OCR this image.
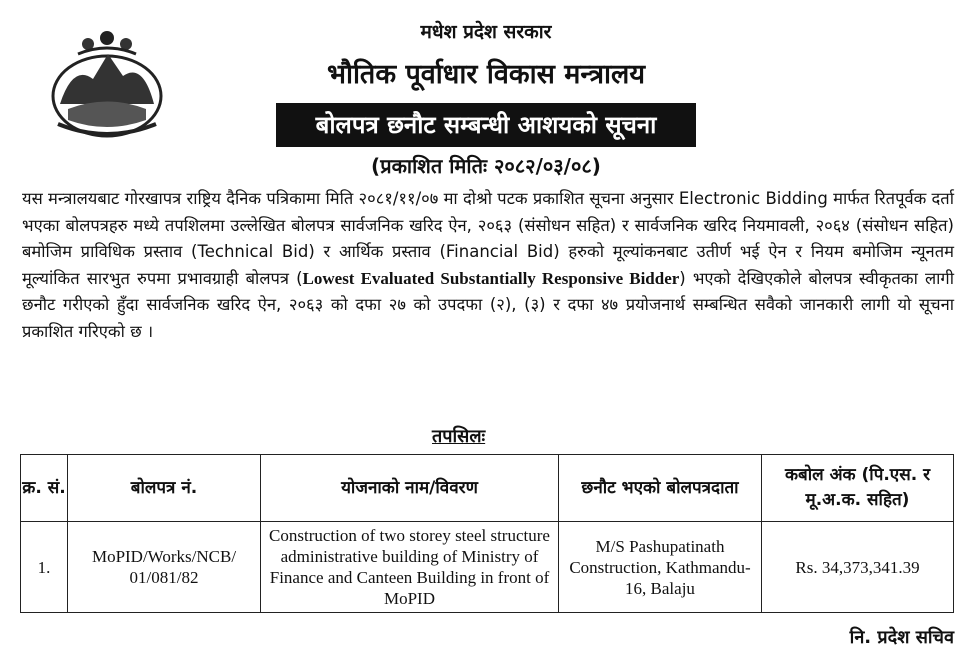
मधेश प्रदेश सरकार
भौतिक पूर्वाधार विकास मन्त्रालय
बोलपत्र छनौट सम्बन्धी आशयको सूचना
(प्रकाशित मितिः २०८२/०३/०८)
यस मन्त्रालयबाट गोरखापत्र राष्ट्रिय दैनिक पत्रिकामा मिति २०८१/११/०७ मा दोश्रो पटक प्रकाशित सूचना अनुसार Electronic Bidding मार्फत रितपूर्वक दर्ता भएका बोलपत्रहरु मध्ये तपशिलमा उल्लेखित बोलपत्र सार्वजनिक खरिद ऐन, २०६३ (संसोधन सहित) र सार्वजनिक खरिद नियमावली, २०६४ (संसोधन सहित) बमोजिम प्राविधिक प्रस्ताव (Technical Bid) र आर्थिक प्रस्ताव (Financial Bid) हरुको मूल्यांकनबाट उतीर्ण भई ऐन र नियम बमोजिम न्यूनतम मूल्यांकित सारभुत रुपमा प्रभावग्राही बोलपत्र (Lowest Evaluated Substantially Responsive Bidder) भएको देखिएकोले बोलपत्र स्वीकृतका लागी छनौट गरीएको हुँदा सार्वजनिक खरिद ऐन, २०६३ को दफा २७ को उपदफा (२), (३) र दफा ४७ प्रयोजनार्थ सम्बन्धित सवैको जानकारी लागी यो सूचना प्रकाशित गरिएको छ ।
तपसिलः
क्र. सं.	बोलपत्र नं.	योजनाको नाम/विवरण	छनौट भएको बोलपत्रदाता	कबोल अंक (पि.एस. र मू.अ.क. सहित)
1.	MoPID/Works/NCB/ 01/081/82	Construction of two storey steel structure administrative building of Ministry of Finance and Canteen Building in front of MoPID	M/S Pashupatinath Construction, Kathmandu-16, Balaju	Rs. 34,373,341.39
नि. प्रदेश सचिव
